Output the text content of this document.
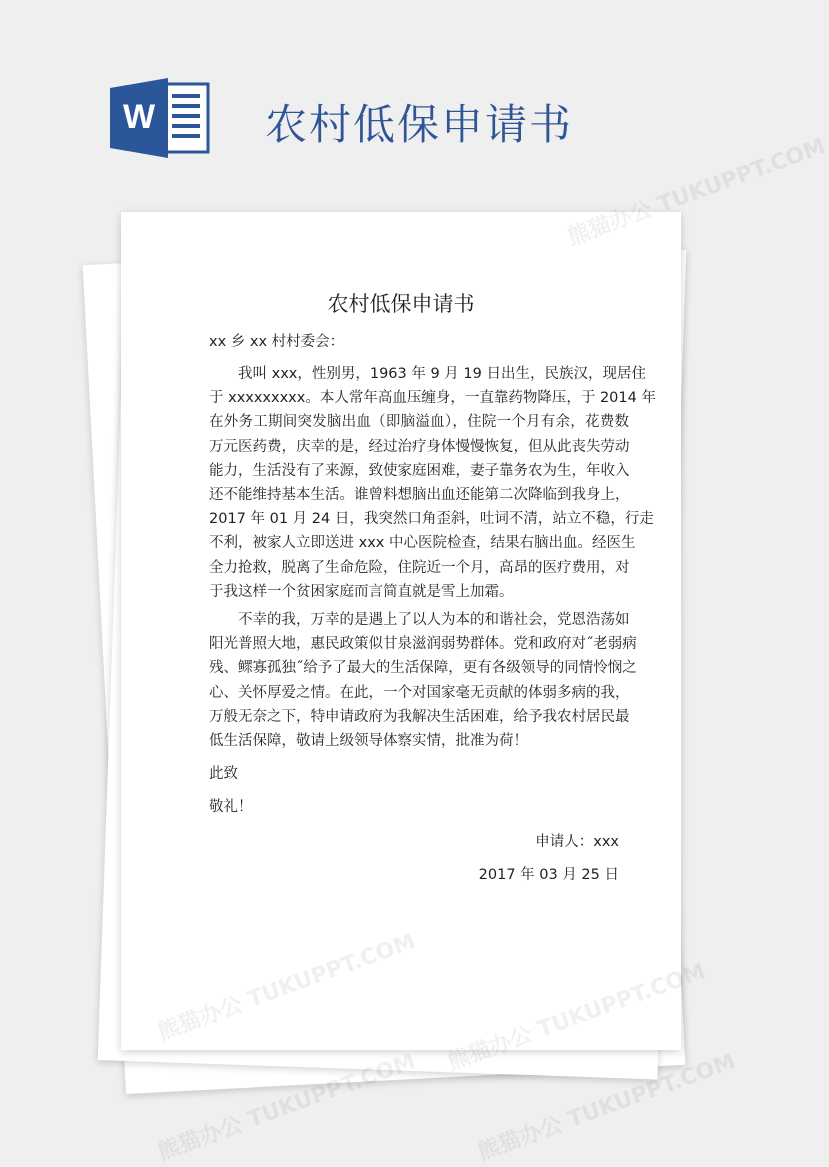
W	农村低保申请书
农村低保申请书
xx 乡 xx 村村委会：
　　我叫 xxx，性别男，1963 年 9 月 19 日出生，民族汉，现居住
于 xxxxxxxxx。本人常年高血压缠身，一直靠药物降压，于 2014 年
在外务工期间突发脑出血（即脑溢血），住院一个月有余，花费数
万元医药费，庆幸的是，经过治疗身体慢慢恢复，但从此丧失劳动
能力，生活没有了来源，致使家庭困难，妻子靠务农为生，年收入
还不能维持基本生活。谁曾料想脑出血还能第二次降临到我身上，
2017 年 01 月 24 日，我突然口角歪斜，吐词不清，站立不稳，行走
不利，被家人立即送进 xxx 中心医院检查，结果右脑出血。经医生
全力抢救，脱离了生命危险，住院近一个月，高昂的医疗费用，对
于我这样一个贫困家庭而言简直就是雪上加霜。
　　不幸的我，万幸的是遇上了以人为本的和谐社会，党恩浩荡如
阳光普照大地，惠民政策似甘泉滋润弱势群体。党和政府对˝老弱病
残、鳏寡孤独˝给予了最大的生活保障，更有各级领导的同情怜悯之
心、关怀厚爱之情。在此，一个对国家毫无贡献的体弱多病的我，
万般无奈之下，特申请政府为我解决生活困难，给予我农村居民最
低生活保障，敬请上级领导体察实情，批准为荷！
此致
敬礼！
申请人：xxx
2017 年 03 月 25 日
熊猫办公 TUKUPPT.COM
熊猫办公 TUKUPPT.COM	熊猫办公 TUKUPPT.COM
